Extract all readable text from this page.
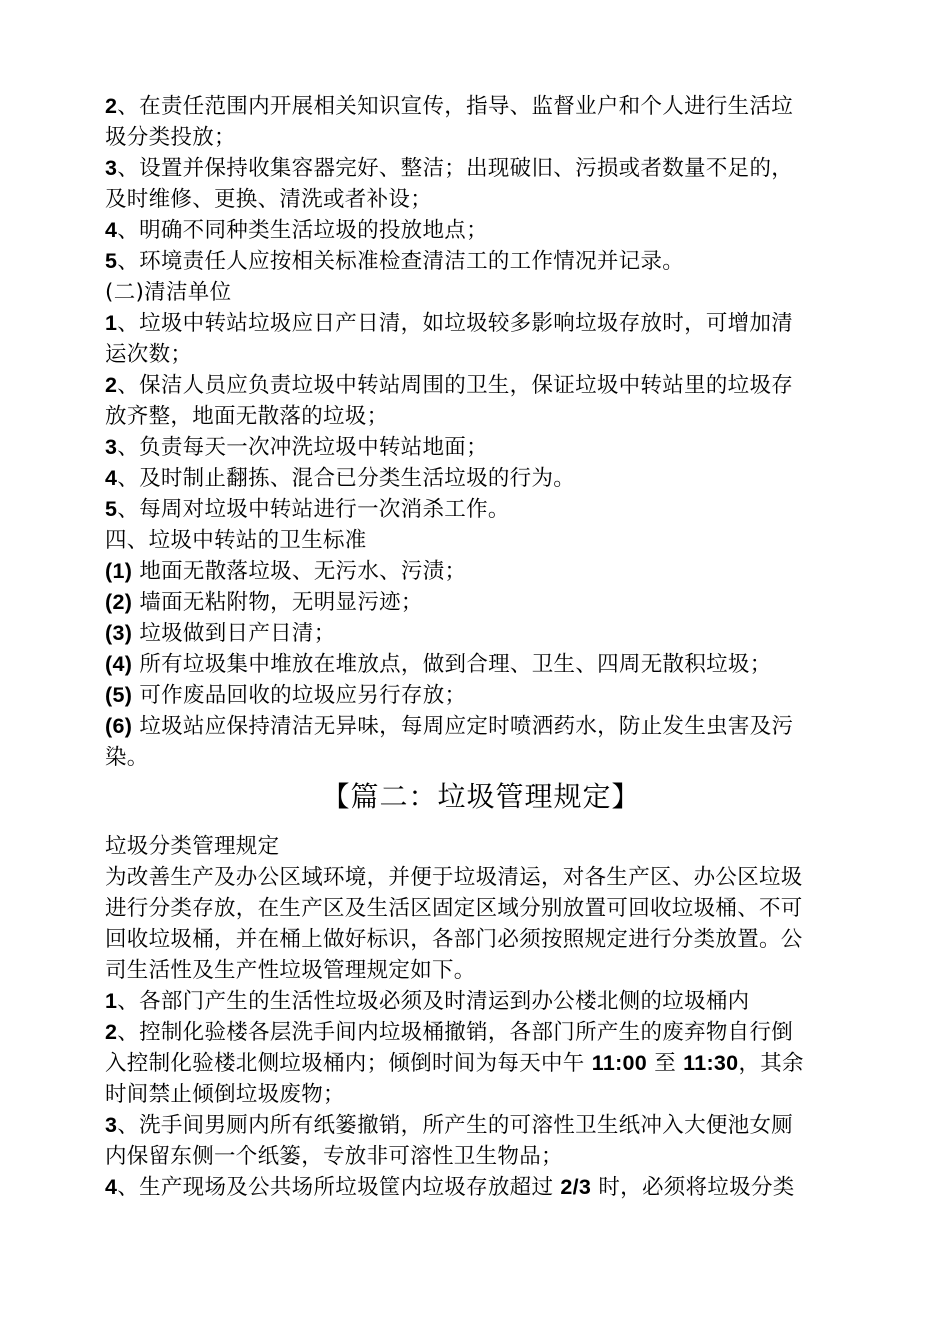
2、在责任范围内开展相关知识宣传，指导、监督业户和个人进行生活垃
圾分类投放；
3、设置并保持收集容器完好、整洁；出现破旧、污损或者数量不足的，
及时维修、更换、清洗或者补设；
4、明确不同种类生活垃圾的投放地点；
5、环境责任人应按相关标准检查清洁工的工作情况并记录。
(二)清洁单位
1、垃圾中转站垃圾应日产日清，如垃圾较多影响垃圾存放时，可增加清
运次数；
2、保洁人员应负责垃圾中转站周围的卫生，保证垃圾中转站里的垃圾存
放齐整，地面无散落的垃圾；
3、负责每天一次冲洗垃圾中转站地面；
4、及时制止翻拣、混合已分类生活垃圾的行为。
5、每周对垃圾中转站进行一次消杀工作。
四、垃圾中转站的卫生标准
(1) 地面无散落垃圾、无污水、污渍；
(2) 墙面无粘附物，无明显污迹；
(3) 垃圾做到日产日清；
(4) 所有垃圾集中堆放在堆放点，做到合理、卫生、四周无散积垃圾；
(5) 可作废品回收的垃圾应另行存放；
(6) 垃圾站应保持清洁无异味，每周应定时喷洒药水，防止发生虫害及污
染。
【篇二：垃圾管理规定】
垃圾分类管理规定
为改善生产及办公区域环境，并便于垃圾清运，对各生产区、办公区垃圾
进行分类存放，在生产区及生活区固定区域分别放置可回收垃圾桶、不可
回收垃圾桶，并在桶上做好标识，各部门必须按照规定进行分类放置。公
司生活性及生产性垃圾管理规定如下。
1、各部门产生的生活性垃圾必须及时清运到办公楼北侧的垃圾桶内
2、控制化验楼各层洗手间内垃圾桶撤销，各部门所产生的废弃物自行倒
入控制化验楼北侧垃圾桶内；倾倒时间为每天中午 11:00 至 11:30，其余
时间禁止倾倒垃圾废物；
3、洗手间男厕内所有纸篓撤销，所产生的可溶性卫生纸冲入大便池女厕
内保留东侧一个纸篓，专放非可溶性卫生物品；
4、生产现场及公共场所垃圾筐内垃圾存放超过 2/3 时，必须将垃圾分类
